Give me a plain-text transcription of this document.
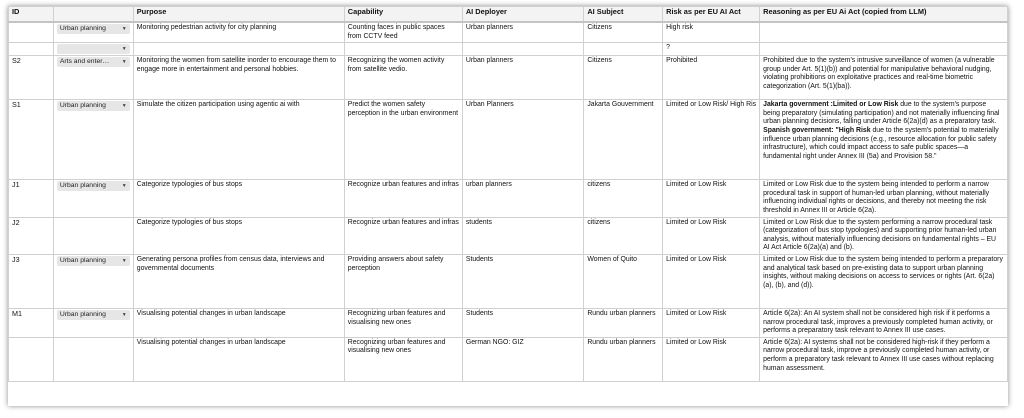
ID		Purpose	Capability	AI Deployer	AI Subject	Risk as per EU AI Act	Reasoning as per EU Ai Act (copied from LLM)

	Urban planning ▼	Monitoring pedestrian activity for city planning	Counting faces in public spaces from CCTV feed	Urban planners	Citizens	High risk	

	▼					?	
S2	Arts and enter… ▼	Monitoring the women from satellite inorder to encourage them to engage more in entertainment and personal hobbies.	Recognizing the women activity from satellite vedio.	Urban planners	Citizens	Prohibited	Prohibited due to the system's intrusive surveillance of women (a vulnerable group under Art. 5(1)(b)) and potential for manipulative behavioral nudging, violating prohibitions on exploitative practices and real-time biometric categorization (Art. 5(1)(ba)).
S1	Urban planning ▼	Simulate the citizen participation using agentic ai with	Predict the women safety perception in the urban environment	Urban Planners	Jakarta Gouvernment	Limited or Low Risk/ High Ris	Jakarta government :Limited or Low Risk due to the system's purpose being preparatory (simulating participation) and not materially influencing final urban planning decisions, falling under Article 6(2a)(d) as a preparatory task.
Spanish government: "High Risk due to the system's potential to materially influence urban planning decisions (e.g., resource allocation for public safety infrastructure), which could impact access to safe public spaces—a fundamental right under Annex III (5a) and Provision 58."
J1	Urban planning ▼	Categorize typologies of bus stops	Recognize urban features and infras	urban planners	citizens	Limited or Low Risk	Limited or Low Risk due to the system being intended to perform a narrow procedural task in support of human-led urban planning, without materially influencing individual rights or decisions, and thereby not meeting the risk threshold in Annex III or Article 6(2a).
J2		Categorize typologies of bus stops	Recognize urban features and infras	students	citizens	Limited or Low Risk	Limited or Low Risk due to the system performing a narrow procedural task (categorization of bus stop typologies) and supporting prior human-led urban analysis, without materially influencing decisions on fundamental rights – EU AI Act Article 6(2a)(a) and (b).
J3	Urban planning ▼	Generating persona profiles from census data, interviews and governmental documents	Providing answers about safety perception	Students	Women of Quito	Limited or Low Risk	Limited or Low Risk due to the system being intended to perform a preparatory and analytical task based on pre-existing data to support urban planning insights, without making decisions on access to services or rights (Art. 6(2a)(a), (b), and (d)).
M1	Urban planning ▼	Visualising potential changes in urban landscape	Recognizing urban features and visualising new ones	Students	Rundu urban planners	Limited or Low Risk	Article 6(2a): An AI system shall not be considered high risk if it performs a narrow procedural task, improves a previously completed human activity, or performs a preparatory task relevant to Annex III use cases.
		Visualising potential changes in urban landscape	Recognizing urban features and visualising new ones	German NGO: GIZ	Rundu urban planners	Limited or Low Risk	Article 6(2a): AI systems shall not be considered high-risk if they perform a narrow procedural task, improve a previously completed human activity, or perform a preparatory task relevant to Annex III use cases without replacing human assessment.
